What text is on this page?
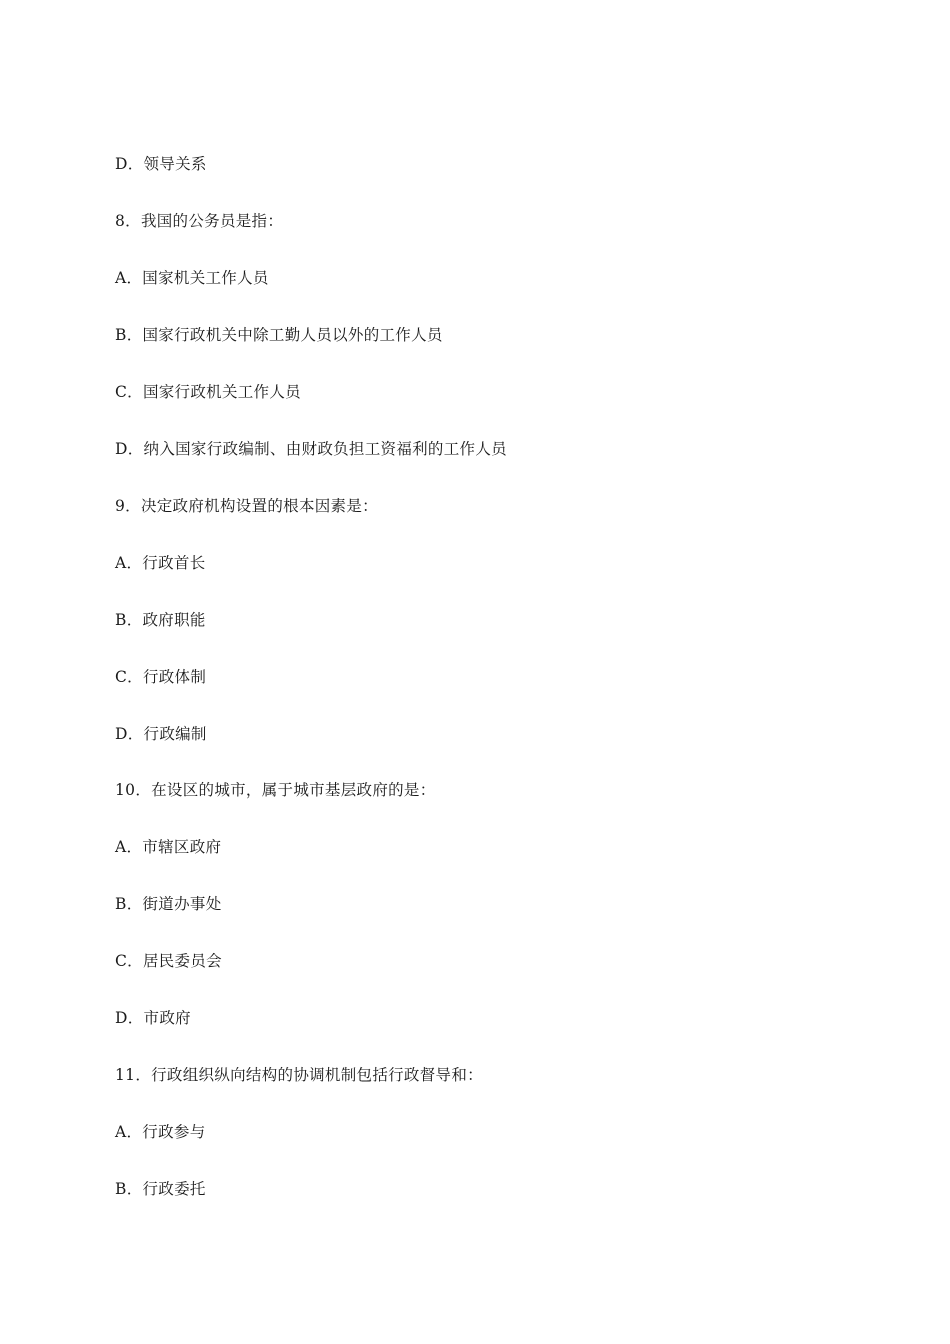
D．领导关系
8．我国的公务员是指：
A．国家机关工作人员
B．国家行政机关中除工勤人员以外的工作人员
C．国家行政机关工作人员
D．纳入国家行政编制、由财政负担工资福利的工作人员
9．决定政府机构设置的根本因素是：
A．行政首长
B．政府职能
C．行政体制
D．行政编制
10．在设区的城市，属于城市基层政府的是：
A．市辖区政府
B．街道办事处
C．居民委员会
D．市政府
11．行政组织纵向结构的协调机制包括行政督导和：
A．行政参与
B．行政委托
